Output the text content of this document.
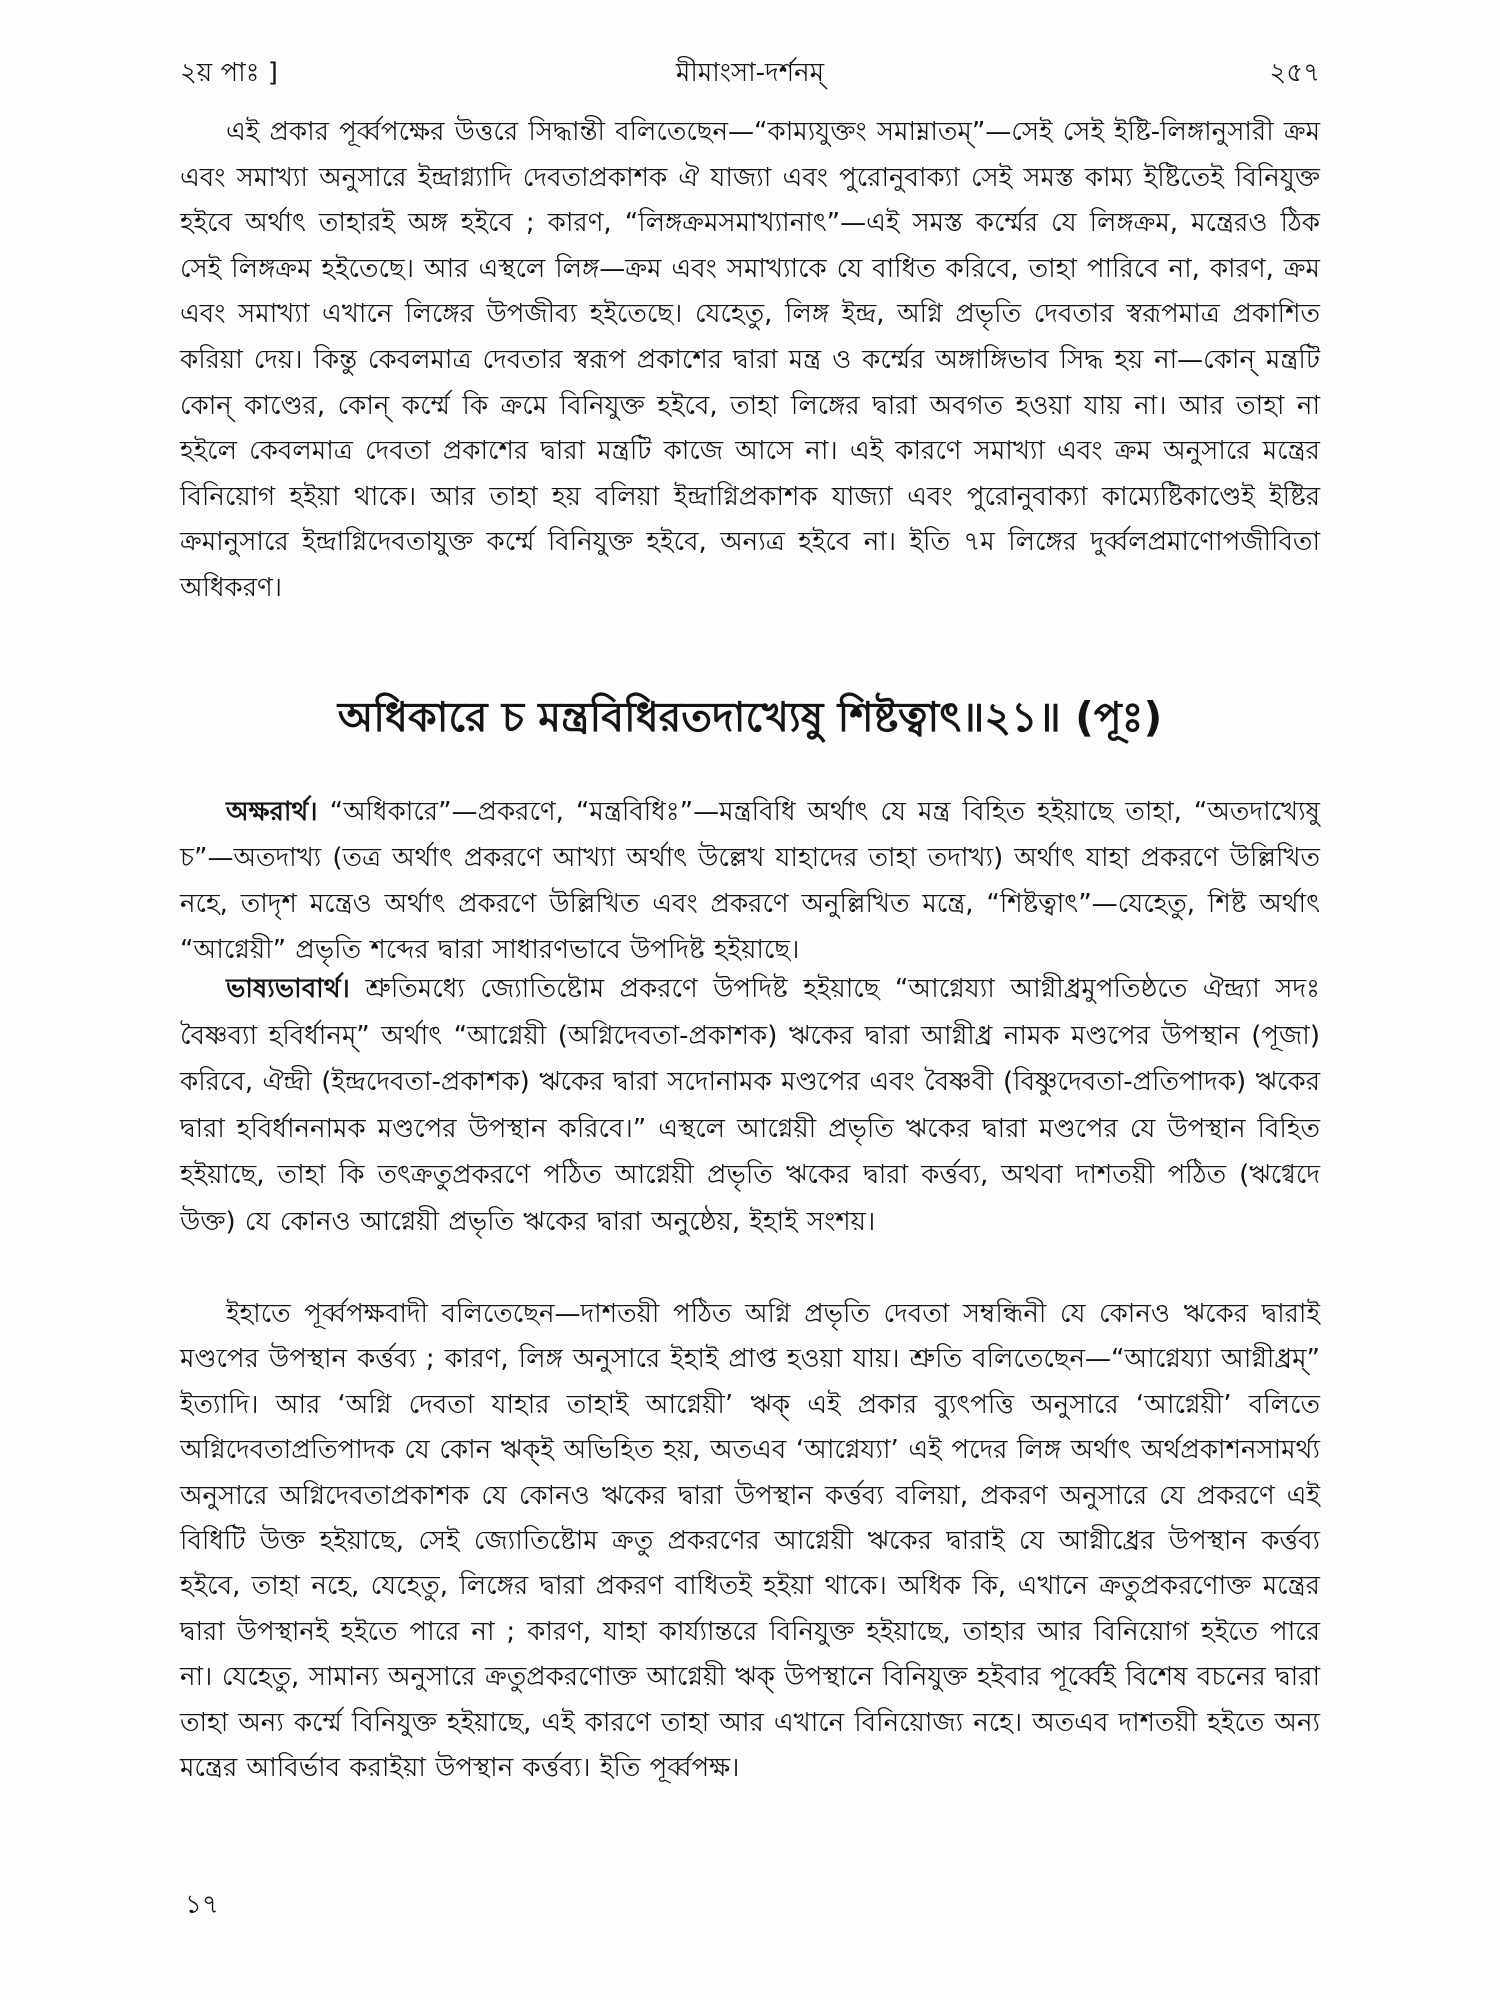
২য় পাঃ ]	মীমাংসা-দর্শনম্	২৫৭

এই প্রকার পূর্ব্বপক্ষের উত্তরে সিদ্ধান্তী বলিতেছেন—“কাম্যযুক্তং সমাম্নাতম্”—সেই সেই ইষ্টি-লিঙ্গানুসারী ক্রম এবং সমাখ্যা অনুসারে ইন্দ্রাগ্ন্যাদি দেবতাপ্রকাশক ঐ যাজ্যা এবং পুরোনুবাক্যা সেই সমস্ত কাম্য ইষ্টিতেই বিনিযুক্ত হইবে অর্থাৎ তাহারই অঙ্গ হইবে ; কারণ, “লিঙ্গক্রমসমাখ্যানাৎ”—এই সমস্ত কর্ম্মের যে লিঙ্গক্রম, মন্ত্রেরও ঠিক সেই লিঙ্গক্রম হইতেছে। আর এস্থলে লিঙ্গ—ক্রম এবং সমাখ্যাকে যে বাধিত করিবে, তাহা পারিবে না, কারণ, ক্রম এবং সমাখ্যা এখানে লিঙ্গের উপজীব্য হইতেছে। যেহেতু, লিঙ্গ ইন্দ্র, অগ্নি প্রভৃতি দেবতার স্বরূপমাত্র প্রকাশিত করিয়া দেয়। কিন্তু কেবলমাত্র দেবতার স্বরূপ প্রকাশের দ্বারা মন্ত্র ও কর্ম্মের অঙ্গাঙ্গিভাব সিদ্ধ হয় না—কোন্ মন্ত্রটি কোন্ কাণ্ডের, কোন্ কর্ম্মে কি ক্রমে বিনিযুক্ত হইবে, তাহা লিঙ্গের দ্বারা অবগত হওয়া যায় না। আর তাহা না হইলে কেবলমাত্র দেবতা প্রকাশের দ্বারা মন্ত্রটি কাজে আসে না। এই কারণে সমাখ্যা এবং ক্রম অনুসারে মন্ত্রের বিনিয়োগ হইয়া থাকে। আর তাহা হয় বলিয়া ইন্দ্রাগ্নিপ্রকাশক যাজ্যা এবং পুরোনুবাক্যা কাম্যেষ্টিকাণ্ডেই ইষ্টির ক্রমানুসারে ইন্দ্রাগ্নিদেবতাযুক্ত কর্ম্মে বিনিযুক্ত হইবে, অন্যত্র হইবে না। ইতি ৭ম লিঙ্গের দুর্ব্বলপ্রমাণোপজীবিতা অধিকরণ।

অধিকারে চ মন্ত্রবিধিরতদাখ্যেষু শিষ্টত্বাৎ॥২১॥ (পূঃ)

অক্ষরার্থ। “অধিকারে”—প্রকরণে, “মন্ত্রবিধিঃ”—মন্ত্রবিধি অর্থাৎ যে মন্ত্র বিহিত হইয়াছে তাহা, “অতদাখ্যেষু চ”—অতদাখ্য (তত্র অর্থাৎ প্রকরণে আখ্যা অর্থাৎ উল্লেখ যাহাদের তাহা তদাখ্য) অর্থাৎ যাহা প্রকরণে উল্লিখিত নহে, তাদৃশ মন্ত্রেও অর্থাৎ প্রকরণে উল্লিখিত এবং প্রকরণে অনুল্লিখিত মন্ত্রে, “শিষ্টত্বাৎ”—যেহেতু, শিষ্ট অর্থাৎ “আগ্নেয়ী” প্রভৃতি শব্দের দ্বারা সাধারণভাবে উপদিষ্ট হইয়াছে।

ভাষ্যভাবার্থ। শ্রুতিমধ্যে জ্যোতিষ্টোম প্রকরণে উপদিষ্ট হইয়াছে “আগ্নেয্যা আগ্নীধ্রমুপতিষ্ঠতে ঐন্দ্র্যা সদঃ বৈষ্ণব্যা হবির্ধানম্” অর্থাৎ “আগ্নেয়ী (অগ্নিদেবতা-প্রকাশক) ঋকের দ্বারা আগ্নীধ্র নামক মণ্ডপের উপস্থান (পূজা) করিবে, ঐন্দ্রী (ইন্দ্রদেবতা-প্রকাশক) ঋকের দ্বারা সদোনামক মণ্ডপের এবং বৈষ্ণবী (বিষ্ণুদেবতা-প্রতিপাদক) ঋকের দ্বারা হবির্ধাননামক মণ্ডপের উপস্থান করিবে।” এস্থলে আগ্নেয়ী প্রভৃতি ঋকের দ্বারা মণ্ডপের যে উপস্থান বিহিত হইয়াছে, তাহা কি তৎক্রতুপ্রকরণে পঠিত আগ্নেয়ী প্রভৃতি ঋকের দ্বারা কর্ত্তব্য, অথবা দাশতয়ী পঠিত (ঋগ্বেদে উক্ত) যে কোনও আগ্নেয়ী প্রভৃতি ঋকের দ্বারা অনুষ্ঠেয়, ইহাই সংশয়।

ইহাতে পূর্ব্বপক্ষবাদী বলিতেছেন—দাশতয়ী পঠিত অগ্নি প্রভৃতি দেবতা সম্বন্ধিনী যে কোনও ঋকের দ্বারাই মণ্ডপের উপস্থান কর্ত্তব্য ; কারণ, লিঙ্গ অনুসারে ইহাই প্রাপ্ত হওয়া যায়। শ্রুতি বলিতেছেন—“আগ্নেয্যা আগ্নীধ্রম্” ইত্যাদি। আর ‘অগ্নি দেবতা যাহার তাহাই আগ্নেয়ী’ ঋক্ এই প্রকার ব্যুৎপত্তি অনুসারে ‘আগ্নেয়ী’ বলিতে অগ্নিদেবতাপ্রতিপাদক যে কোন ঋক্ই অভিহিত হয়, অতএব ‘আগ্নেয্যা’ এই পদের লিঙ্গ অর্থাৎ অর্থপ্রকাশনসামর্থ্য অনুসারে অগ্নিদেবতাপ্রকাশক যে কোনও ঋকের দ্বারা উপস্থান কর্ত্তব্য বলিয়া, প্রকরণ অনুসারে যে প্রকরণে এই বিধিটি উক্ত হইয়াছে, সেই জ্যোতিষ্টোম ক্রতু প্রকরণের আগ্নেয়ী ঋকের দ্বারাই যে আগ্নীধ্রের উপস্থান কর্ত্তব্য হইবে, তাহা নহে, যেহেতু, লিঙ্গের দ্বারা প্রকরণ বাধিতই হইয়া থাকে। অধিক কি, এখানে ক্রতুপ্রকরণোক্ত মন্ত্রের দ্বারা উপস্থানই হইতে পারে না ; কারণ, যাহা কার্য্যান্তরে বিনিযুক্ত হইয়াছে, তাহার আর বিনিয়োগ হইতে পারে না। যেহেতু, সামান্য অনুসারে ক্রতুপ্রকরণোক্ত আগ্নেয়ী ঋক্ উপস্থানে বিনিযুক্ত হইবার পূর্ব্বেই বিশেষ বচনের দ্বারা তাহা অন্য কর্ম্মে বিনিযুক্ত হইয়াছে, এই কারণে তাহা আর এখানে বিনিয়োজ্য নহে। অতএব দাশতয়ী হইতে অন্য মন্ত্রের আবির্ভাব করাইয়া উপস্থান কর্ত্তব্য। ইতি পূর্ব্বপক্ষ।

১৭
